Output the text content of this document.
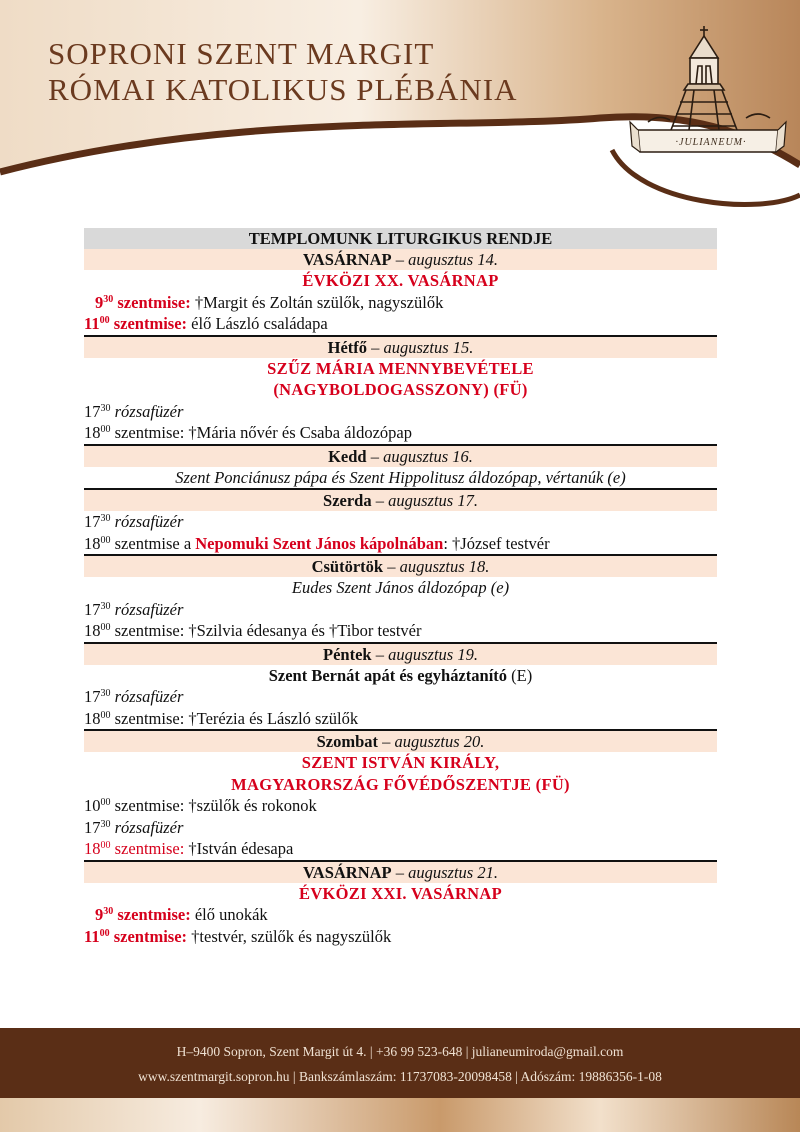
SOPRONI SZENT MARGIT
RÓMAI KATOLIKUS PLÉBÁNIA
·JULIANEUM·
TEMPLOMUNK LITURGIKUS RENDJE
VASÁRNAP – augusztus 14.
ÉVKÖZI XX. VASÁRNAP
$9^{30}$ szentmise: †Margit és Zoltán szülők, nagyszülők
$11^{00}$ szentmise: élő László családapa
Hétfő – augusztus 15.
SZŰZ MÁRIA MENNYBEVÉTELE
(NAGYBOLDOGASSZONY) (FÜ)
$17^{30}$ rózsafüzér
$18^{00}$ szentmise: †Mária nővér és Csaba áldozópap
Kedd – augusztus 16.
Szent Ponciánusz pápa és Szent Hippolitusz áldozópap, vértanúk (e)
Szerda – augusztus 17.
$17^{30}$ rózsafüzér
$18^{00}$ szentmise a Nepomuki Szent János kápolnában: †József testvér
Csütörtök – augusztus 18.
Eudes Szent János áldozópap (e)
$17^{30}$ rózsafüzér
$18^{00}$ szentmise: †Szilvia édesanya és †Tibor testvér
Péntek – augusztus 19.
Szent Bernát apát és egyháztanító (E)
$17^{30}$ rózsafüzér
$18^{00}$ szentmise: †Terézia és László szülők
Szombat – augusztus 20.
SZENT ISTVÁN KIRÁLY,
MAGYARORSZÁG FŐVÉDŐSZENTJE (FÜ)
$10^{00}$ szentmise: †szülők és rokonok
$17^{30}$ rózsafüzér
$18^{00}$ szentmise: †István édesapa
VASÁRNAP – augusztus 21.
ÉVKÖZI XXI. VASÁRNAP
$9^{30}$ szentmise: élő unokák
$11^{00}$ szentmise: †testvér, szülők és nagyszülők
H–9400 Sopron, Szent Margit út 4. | +36 99 523-648 | julianeumiroda@gmail.com
www.szentmargit.sopron.hu | Bankszámlaszám: 11737083-20098458 | Adószám: 19886356-1-08
